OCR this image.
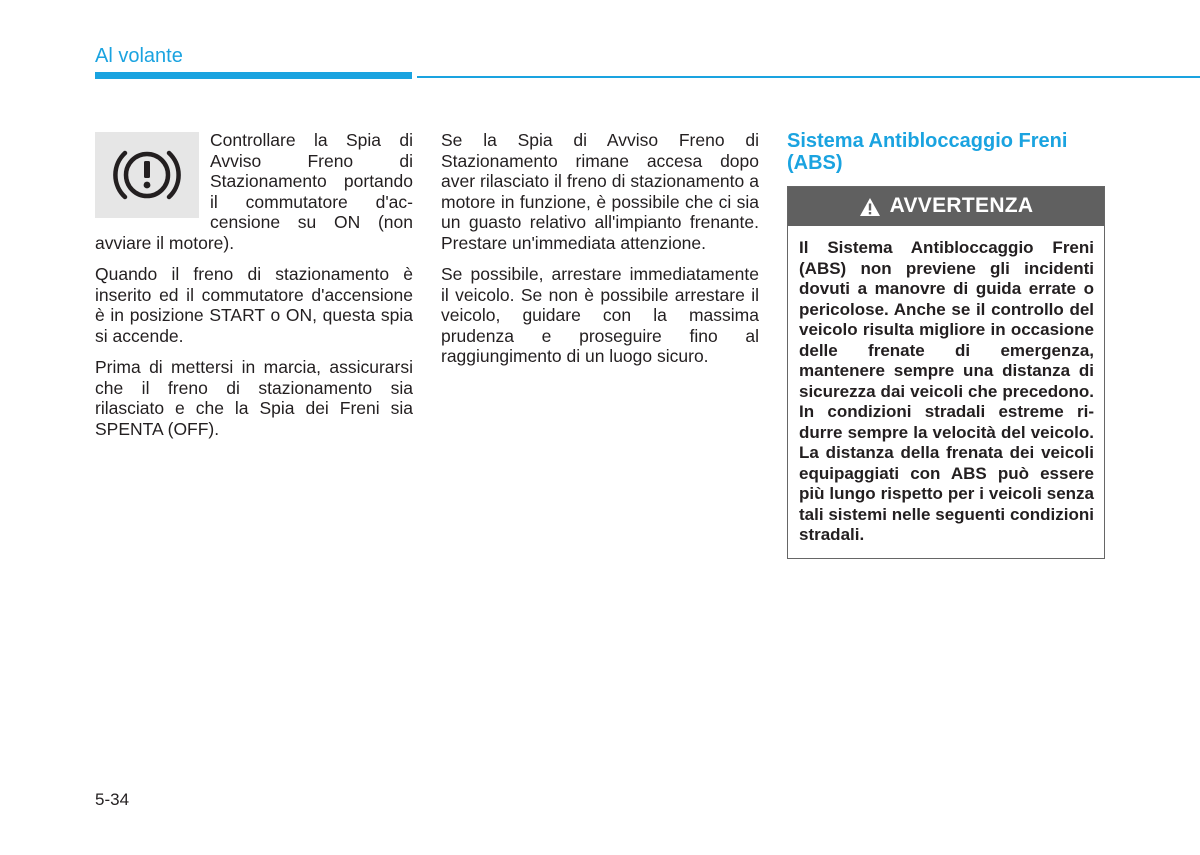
Al volante

Controllare la Spia di Avviso Freno di Stazionamento portando il commutatore d'accensione su ON (non avviare il motore).

Quando il freno di stazionamento è inserito ed il commutatore d'accensione è in posizione START o ON, questa spia si accende.

Prima di mettersi in marcia, assicurarsi che il freno di stazionamento sia rilasciato e che la Spia dei Freni sia SPENTA (OFF).

Se la Spia di Avviso Freno di Stazionamento rimane accesa dopo aver rilasciato il freno di stazionamento a motore in funzione, è possibile che ci sia un guasto relativo all'impianto frenante. Prestare un'immediata attenzione.

Se possibile, arrestare immediatamente il veicolo. Se non è possibile arrestare il veicolo, guidare con la massima prudenza e proseguire fino al raggiungimento di un luogo sicuro.

Sistema Antibloccaggio Freni (ABS)
AVVERTENZA
Il Sistema Antibloccaggio Freni (ABS) non previene gli incidenti dovuti a manovre di guida errate o pericolose. Anche se il controllo del veicolo risulta migliore in occasione delle frenate di emergenza, mantenere sempre una distanza di sicurezza dai veicoli che precedono. In condizioni stradali estreme ridurre sempre la velocità del veicolo. La distanza della frenata dei veicoli equipaggiati con ABS può essere più lungo rispetto per i veicoli senza tali sistemi nelle seguenti condizioni stradali.
5-34
